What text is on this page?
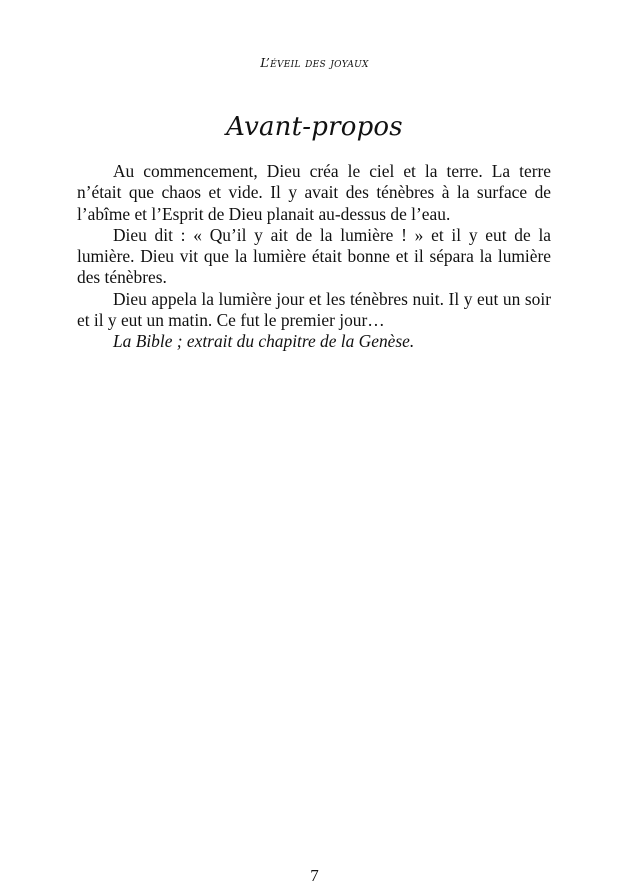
L’éveil des joyaux
Avant-propos

Au commencement, Dieu créa le ciel et la terre. La terre n’était que chaos et vide. Il y avait des ténèbres à la surface de l’abîme et l’Esprit de Dieu planait au-dessus de l’eau.

Dieu dit : « Qu’il y ait de la lumière ! » et il y eut de la lumière. Dieu vit que la lumière était bonne et il sépara la lumière des ténèbres.

Dieu appela la lumière jour et les ténèbres nuit. Il y eut un soir et il y eut un matin. Ce fut le premier jour…

La Bible ; extrait du chapitre de la Genèse.

7
